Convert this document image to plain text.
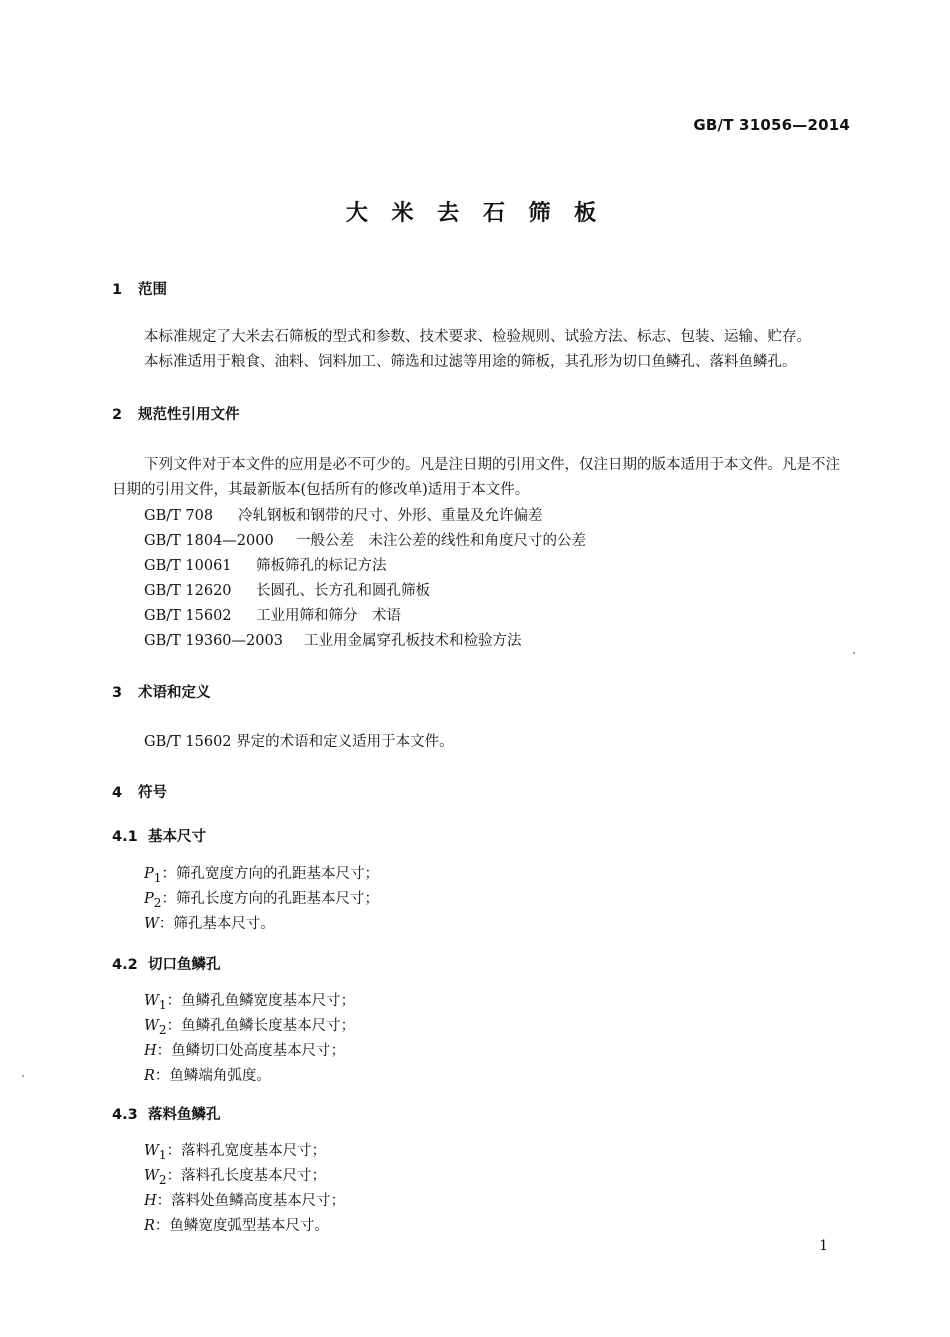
GB/T 31056—2014
大 米 去 石 筛 板
1 范围
本标准规定了大米去石筛板的型式和参数、技术要求、检验规则、试验方法、标志、包装、运输、贮存。
本标准适用于粮食、油料、饲料加工、筛选和过滤等用途的筛板，其孔形为切口鱼鳞孔、落料鱼鳞孔。
2 规范性引用文件
下列文件对于本文件的应用是必不可少的。凡是注日期的引用文件，仅注日期的版本适用于本文件。凡是不注日期的引用文件，其最新版本(包括所有的修改单)适用于本文件。
GB/T 708 冷轧钢板和钢带的尺寸、外形、重量及允许偏差
GB/T 1804—2000 一般公差　未注公差的线性和角度尺寸的公差
GB/T 10061 筛板筛孔的标记方法
GB/T 12620 长圆孔、长方孔和圆孔筛板
GB/T 15602 工业用筛和筛分　术语
GB/T 19360—2003 工业用金属穿孔板技术和检验方法
3 术语和定义
GB/T 15602 界定的术语和定义适用于本文件。
4 符号
4.1 基本尺寸
$P_1$：筛孔宽度方向的孔距基本尺寸；
$P_2$：筛孔长度方向的孔距基本尺寸；
W：筛孔基本尺寸。
4.2 切口鱼鳞孔
$W_1$：鱼鳞孔鱼鳞宽度基本尺寸；
$W_2$：鱼鳞孔鱼鳞长度基本尺寸；
H：鱼鳞切口处高度基本尺寸；
R：鱼鳞端角弧度。
4.3 落料鱼鳞孔
$W_1$：落料孔宽度基本尺寸；
$W_2$：落料孔长度基本尺寸；
H：落料处鱼鳞高度基本尺寸；
R：鱼鳞宽度弧型基本尺寸。
1
